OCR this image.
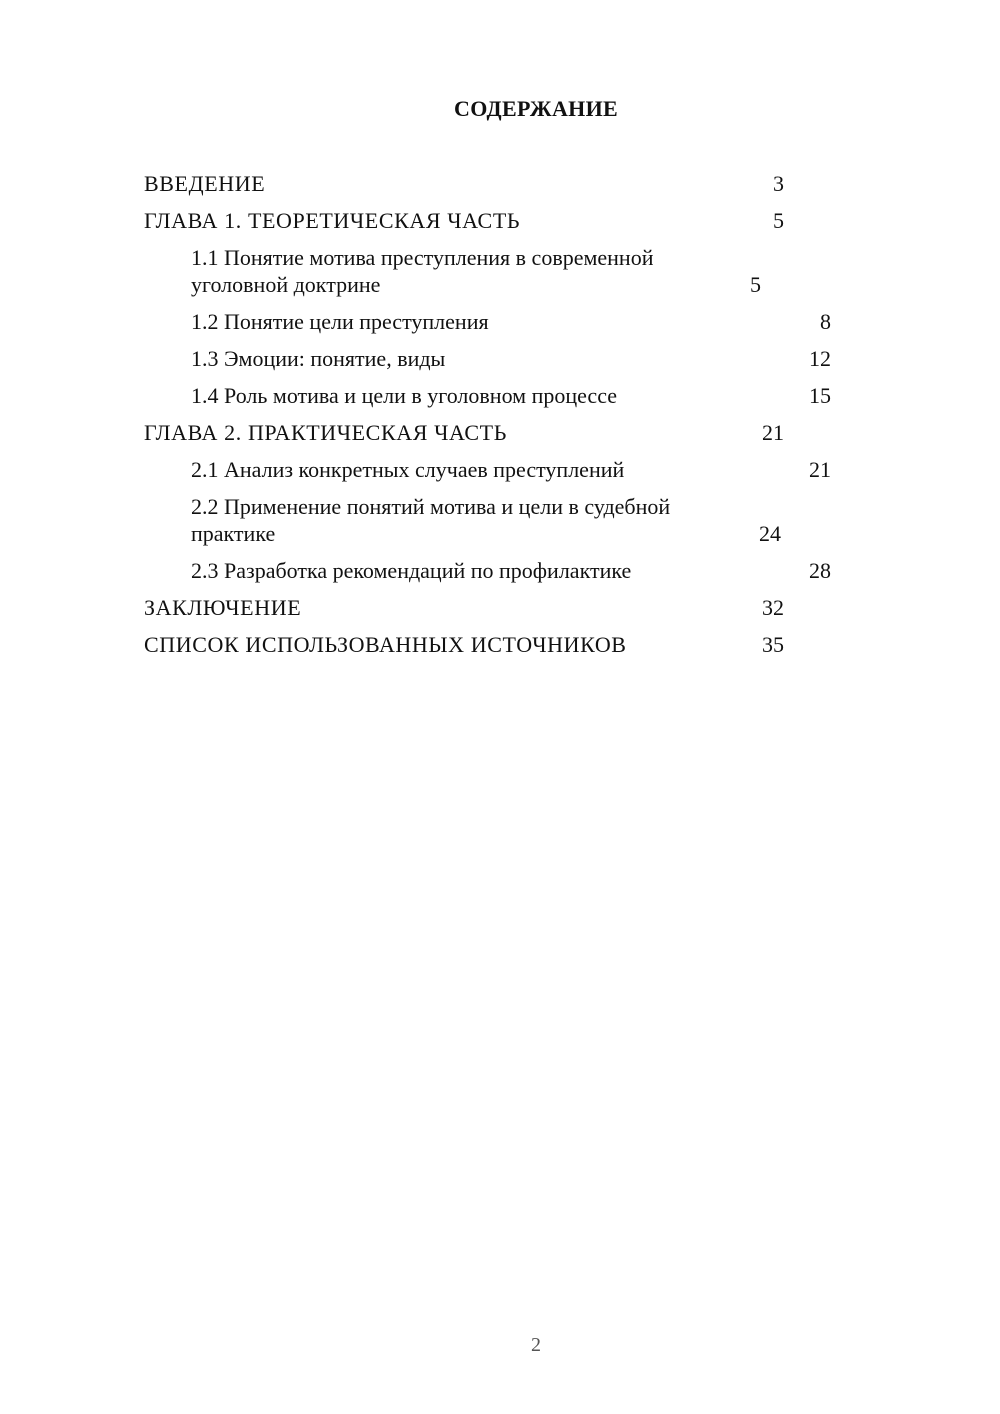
СОДЕРЖАНИЕ
ВВЕДЕНИЕ	3
ГЛАВА 1. ТЕОРЕТИЧЕСКАЯ ЧАСТЬ	5
1.1 Понятие мотива преступления в современной уголовной доктрине	5
1.2 Понятие цели преступления	8
1.3 Эмоции: понятие, виды	12
1.4 Роль мотива и цели в уголовном процессе	15
ГЛАВА 2. ПРАКТИЧЕСКАЯ ЧАСТЬ	21
2.1 Анализ конкретных случаев преступлений	21
2.2 Применение понятий мотива и цели в судебной практике	24
2.3 Разработка рекомендаций по профилактике	28
ЗАКЛЮЧЕНИЕ	32
СПИСОК ИСПОЛЬЗОВАННЫХ ИСТОЧНИКОВ	35
2
